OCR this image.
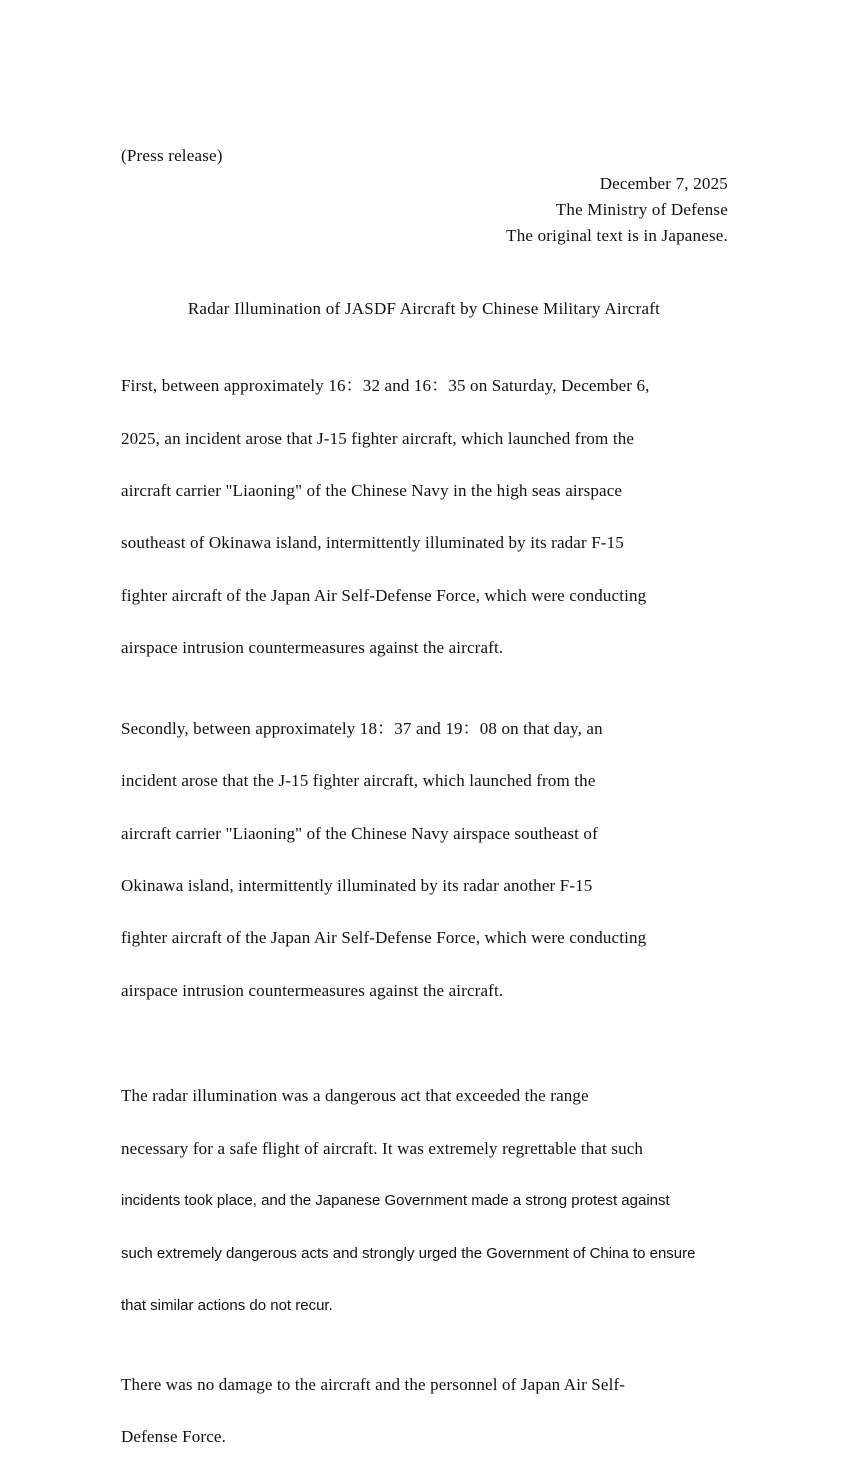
(Press release)
December 7, 2025
The Ministry of Defense
The original text is in Japanese.
Radar Illumination of JASDF Aircraft by Chinese Military Aircraft

First, between approximately 16：32 and 16：35 on Saturday, December 6,

2025, an incident arose that J-15 fighter aircraft, which launched from the

aircraft carrier "Liaoning" of the Chinese Navy in the high seas airspace

southeast of Okinawa island, intermittently illuminated by its radar F-15

fighter aircraft of the Japan Air Self-Defense Force, which were conducting

airspace intrusion countermeasures against the aircraft.

Secondly, between approximately 18：37 and 19：08 on that day, an

incident arose that the J-15 fighter aircraft, which launched from the

aircraft carrier "Liaoning" of the Chinese Navy airspace southeast of

Okinawa island, intermittently illuminated by its radar another F-15

fighter aircraft of the Japan Air Self-Defense Force, which were conducting

airspace intrusion countermeasures against the aircraft.

The radar illumination was a dangerous act that exceeded the range

necessary for a safe flight of aircraft. It was extremely regrettable that such

incidents took place, and the Japanese Government made a strong protest against

such extremely dangerous acts and strongly urged the Government of China to ensure

that similar actions do not recur.

There was no damage to the aircraft and the personnel of Japan Air Self-

Defense Force.
